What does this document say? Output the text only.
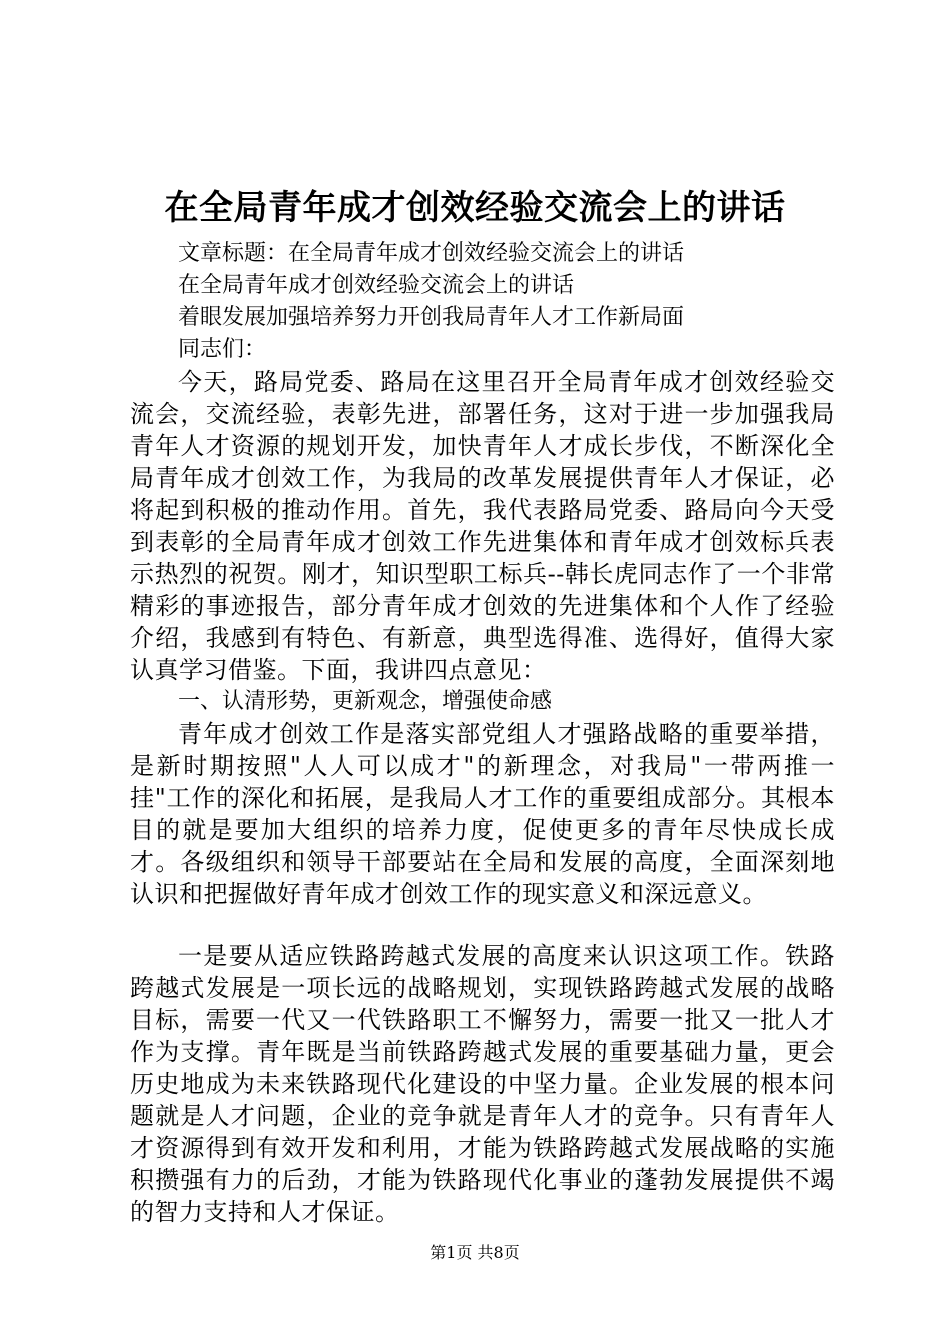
在全局青年成才创效经验交流会上的讲话
文章标题：在全局青年成才创效经验交流会上的讲话
在全局青年成才创效经验交流会上的讲话
着眼发展加强培养努力开创我局青年人才工作新局面
同志们：

今天，路局党委、路局在这里召开全局青年成才创效经验交流会，交流经验，表彰先进，部署任务，这对于进一步加强我局青年人才资源的规划开发，加快青年人才成长步伐，不断深化全局青年成才创效工作，为我局的改革发展提供青年人才保证，必将起到积极的推动作用。首先，我代表路局党委、路局向今天受到表彰的全局青年成才创效工作先进集体和青年成才创效标兵表示热烈的祝贺。刚才，知识型职工标兵--韩长虎同志作了一个非常精彩的事迹报告，部分青年成才创效的先进集体和个人作了经验介绍，我感到有特色、有新意，典型选得准、选得好，值得大家认真学习借鉴。下面，我讲四点意见：

一、认清形势，更新观念，增强使命感

青年成才创效工作是落实部党组人才强路战略的重要举措，是新时期按照"人人可以成才"的新理念，对我局"一带两推一挂"工作的深化和拓展，是我局人才工作的重要组成部分。其根本目的就是要加大组织的培养力度，促使更多的青年尽快成长成才。各级组织和领导干部要站在全局和发展的高度，全面深刻地认识和把握做好青年成才创效工作的现实意义和深远意义。

一是要从适应铁路跨越式发展的高度来认识这项工作。铁路跨越式发展是一项长远的战略规划，实现铁路跨越式发展的战略目标，需要一代又一代铁路职工不懈努力，需要一批又一批人才作为支撑。青年既是当前铁路跨越式发展的重要基础力量，更会历史地成为未来铁路现代化建设的中坚力量。企业发展的根本问题就是人才问题，企业的竞争就是青年人才的竞争。只有青年人才资源得到有效开发和利用，才能为铁路跨越式发展战略的实施积攒强有力的后劲，才能为铁路现代化事业的蓬勃发展提供不竭的智力支持和人才保证。

第1页 共8页
